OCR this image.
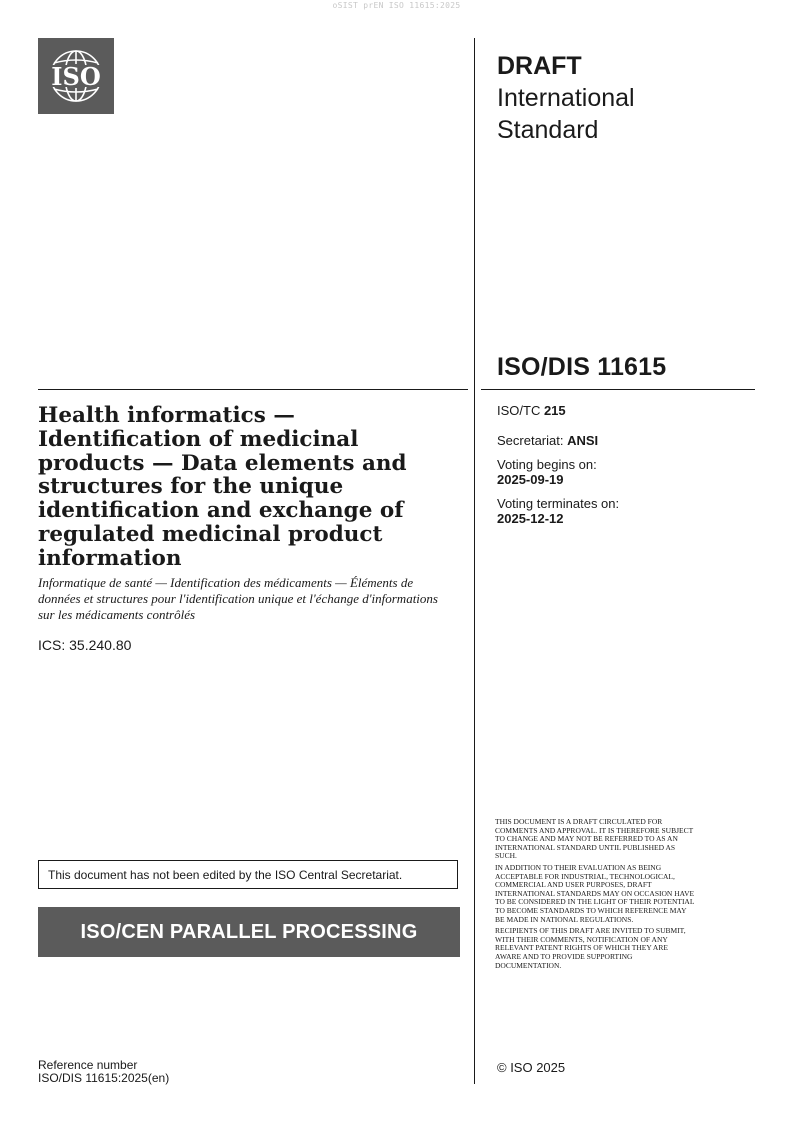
oSIST prEN ISO 11615:2025
ISO	DRAFT
International
Standard
ISO/DIS 11615
ISO/TC 215
Secretariat: ANSI
Voting begins on:
2025-09-19
Voting terminates on:
2025-12-12
Health informatics — Identification of medicinal products — Data elements and structures for the unique identification and exchange of regulated medicinal product information
Informatique de santé — Identification des médicaments — Éléments de données et structures pour l'identification unique et l'échange d'informations sur les médicaments contrôlés
ICS: 35.240.80
This document has not been edited by the ISO Central Secretariat.
ISO/CEN PARALLEL PROCESSING
Reference number
ISO/DIS 11615:2025(en)

THIS DOCUMENT IS A DRAFT CIRCULATED FOR COMMENTS AND APPROVAL. IT IS THEREFORE SUBJECT TO CHANGE AND MAY NOT BE REFERRED TO AS AN INTERNATIONAL STANDARD UNTIL PUBLISHED AS SUCH.

IN ADDITION TO THEIR EVALUATION AS BEING ACCEPTABLE FOR INDUSTRIAL, TECHNOLOGICAL, COMMERCIAL AND USER PURPOSES, DRAFT INTERNATIONAL STANDARDS MAY ON OCCASION HAVE TO BE CONSIDERED IN THE LIGHT OF THEIR POTENTIAL TO BECOME STANDARDS TO WHICH REFERENCE MAY BE MADE IN NATIONAL REGULATIONS.

RECIPIENTS OF THIS DRAFT ARE INVITED TO SUBMIT, WITH THEIR COMMENTS, NOTIFICATION OF ANY RELEVANT PATENT RIGHTS OF WHICH THEY ARE AWARE AND TO PROVIDE SUPPORTING DOCUMENTATION.

© ISO 2025
